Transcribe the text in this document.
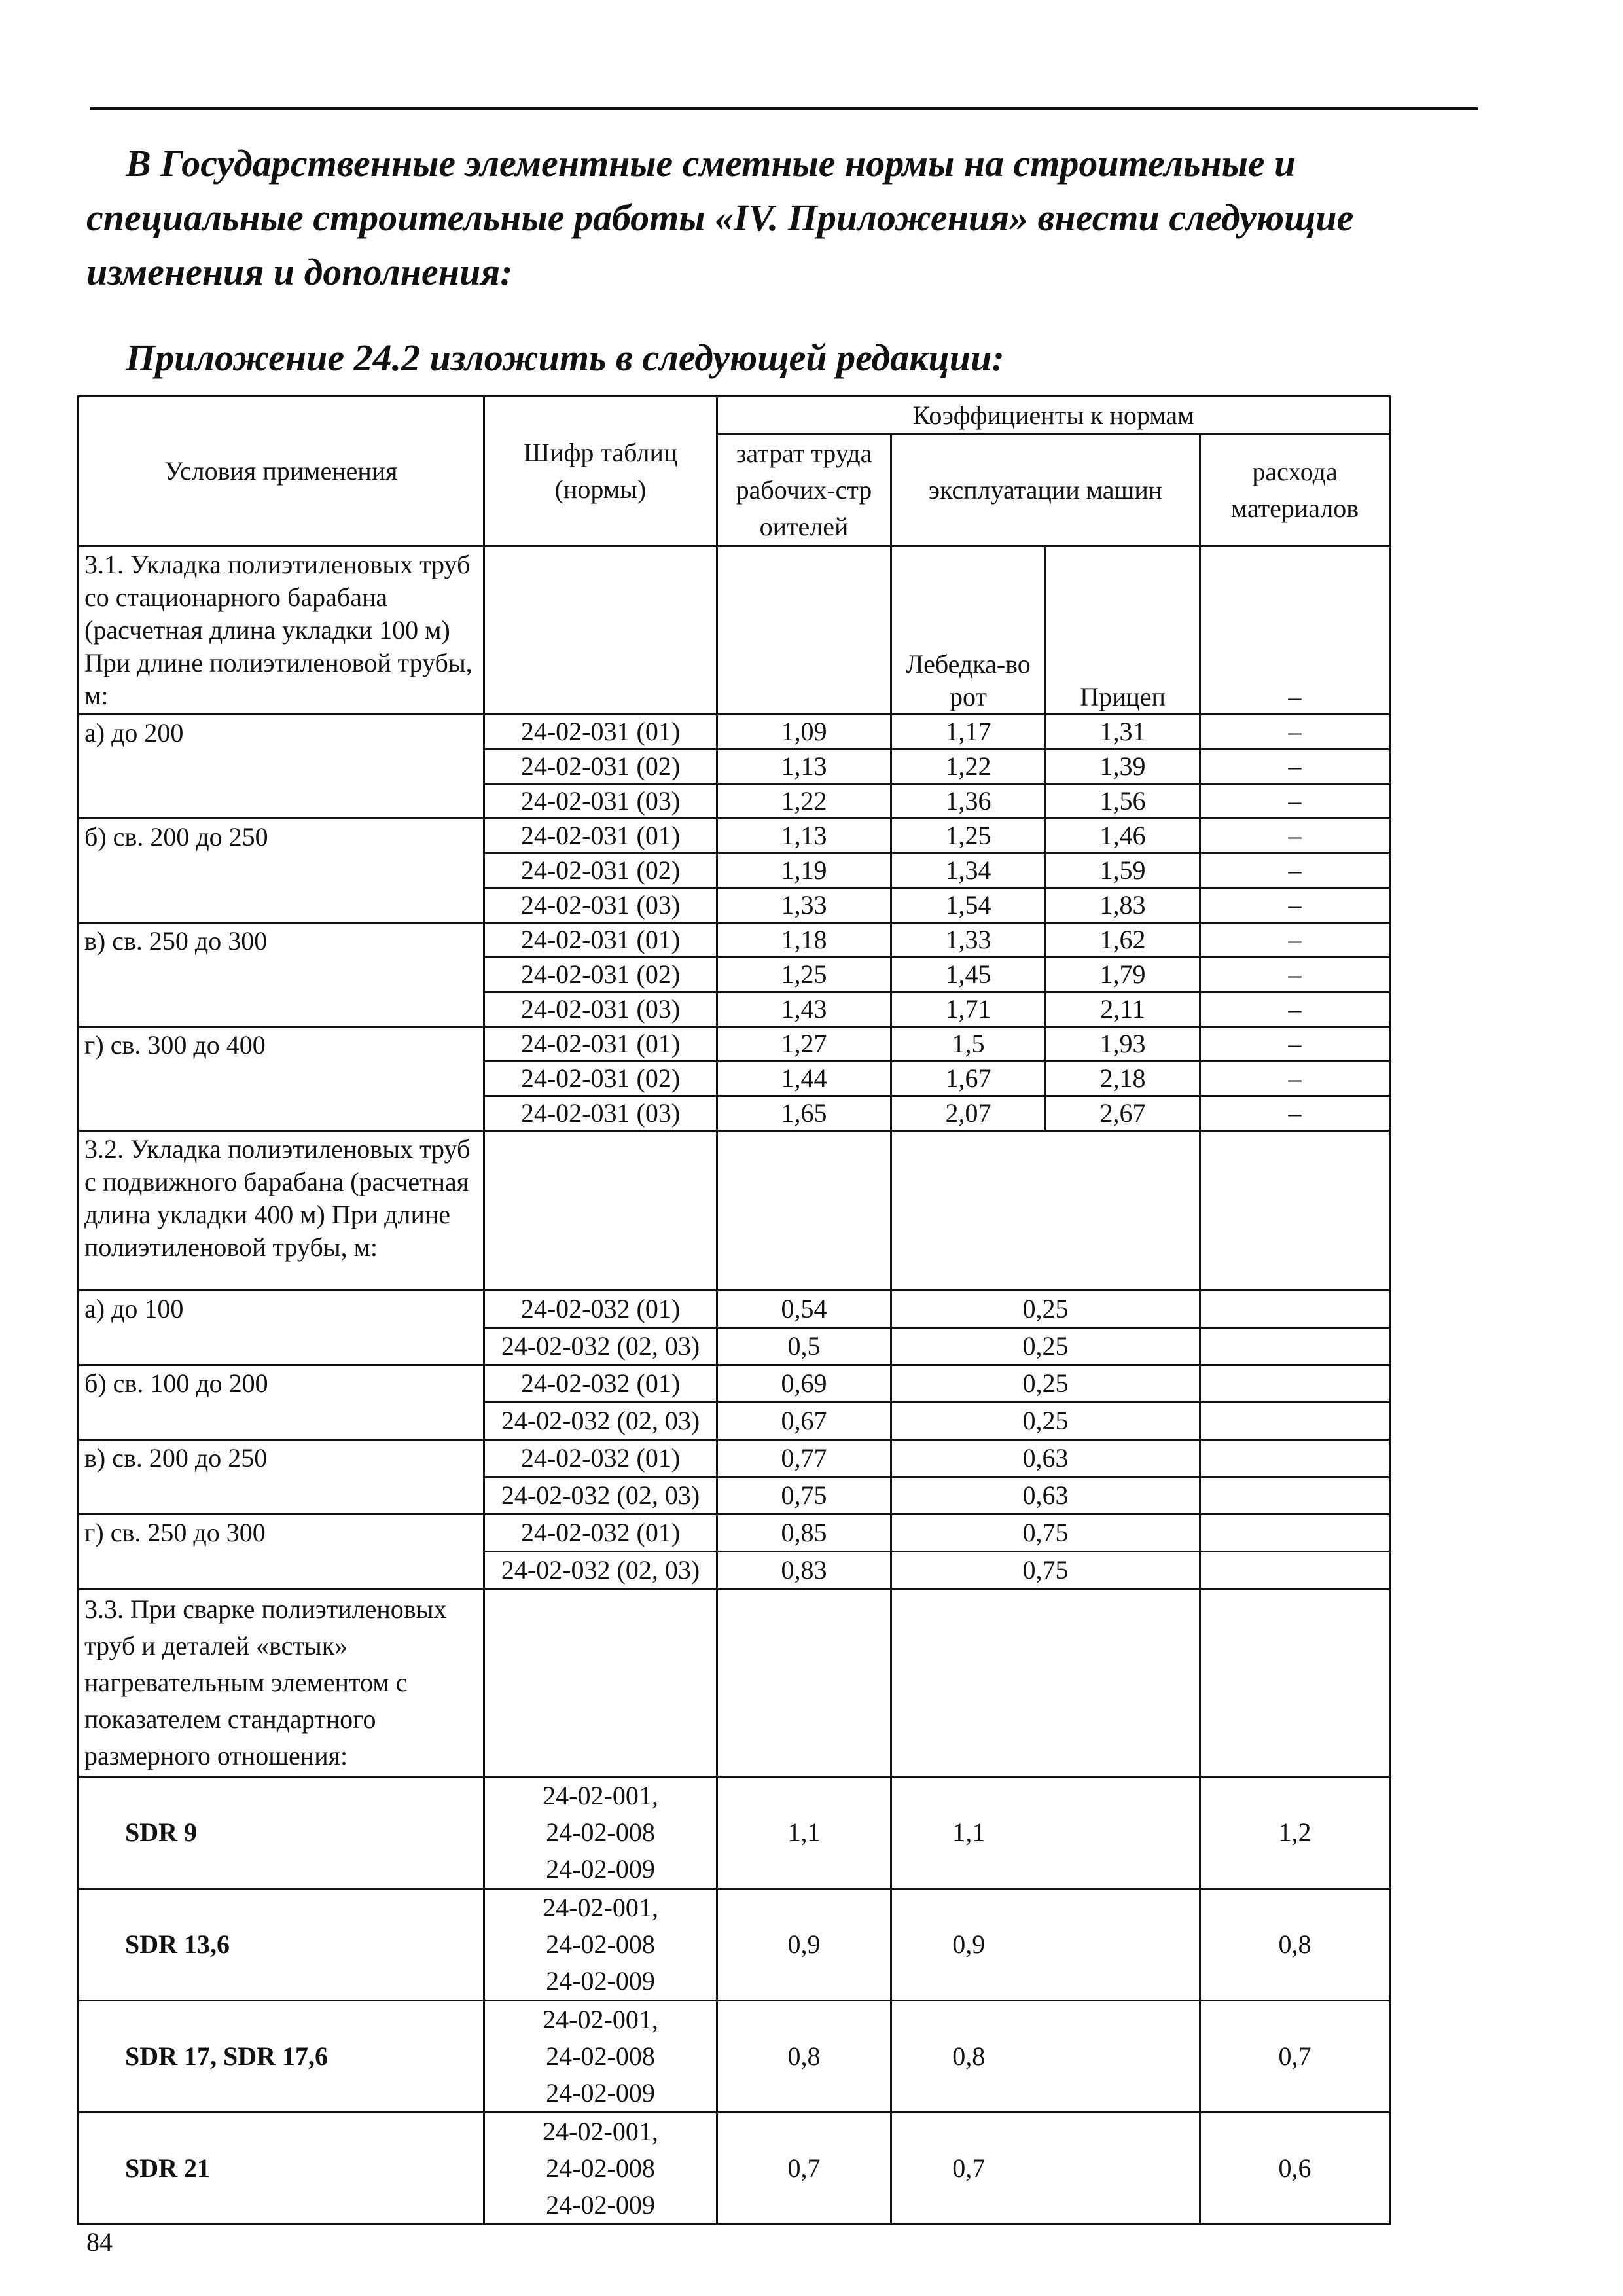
В Государственные элементные сметные нормы на строительные и специальные строительные работы «IV. Приложения» внести следующие изменения и дополнения:

Приложение 24.2 изложить в следующей редакции:

Условия применения	Шифр таблиц (нормы)	Коэффициенты к нормам			
		затрат труда рабочих-стр оителей	эксплуатации машин		расхода материалов
3.1. Укладка полиэтиленовых труб со стационарного барабана (расчетная длина укладки 100 м) При длине полиэтиленовой трубы, м:			Лебедка-во рот	Прицеп	–
а) до 200	24-02-031 (01)	1,09	1,17	1,31	–
	24-02-031 (02)	1,13	1,22	1,39	–
	24-02-031 (03)	1,22	1,36	1,56	–
б) св. 200 до 250	24-02-031 (01)	1,13	1,25	1,46	–
	24-02-031 (02)	1,19	1,34	1,59	–
	24-02-031 (03)	1,33	1,54	1,83	–
в) св. 250 до 300	24-02-031 (01)	1,18	1,33	1,62	–
	24-02-031 (02)	1,25	1,45	1,79	–
	24-02-031 (03)	1,43	1,71	2,11	–
г) св. 300 до 400	24-02-031 (01)	1,27	1,5	1,93	–
	24-02-031 (02)	1,44	1,67	2,18	–
	24-02-031 (03)	1,65	2,07	2,67	–
3.2. Укладка полиэтиленовых труб с подвижного барабана (расчетная длина укладки 400 м) При длине полиэтиленовой трубы, м:					
а) до 100	24-02-032 (01)	0,54	0,25		
	24-02-032 (02, 03)	0,5	0,25		
б) св. 100 до 200	24-02-032 (01)	0,69	0,25		
	24-02-032 (02, 03)	0,67	0,25		
в) св. 200 до 250	24-02-032 (01)	0,77	0,63		
	24-02-032 (02, 03)	0,75	0,63		
г) св. 250 до 300	24-02-032 (01)	0,85	0,75		
	24-02-032 (02, 03)	0,83	0,75		
3.3. При сварке полиэтиленовых труб и деталей «встык» нагревательным элементом с показателем стандартного размерного отношения:					
SDR 9	24-02-001,
24-02-008
24-02-009	1,1	1,1		1,2
SDR 13,6	24-02-001,
24-02-008
24-02-009	0,9	0,9		0,8
SDR 17, SDR 17,6	24-02-001,
24-02-008
24-02-009	0,8	0,8		0,7
SDR 21	24-02-001,
24-02-008
24-02-009	0,7	0,7		0,6
84
